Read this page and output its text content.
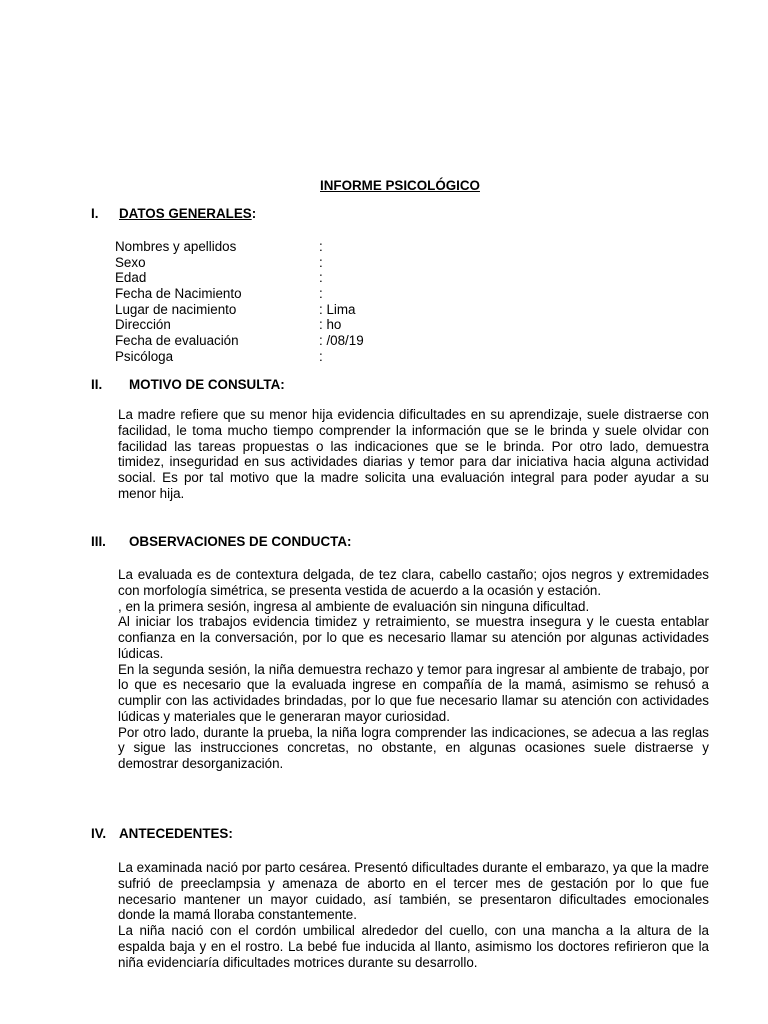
INFORME PSICOLÓGICO
I. DATOS GENERALES:
Nombres y apellidos	:
Sexo	:
Edad	:
Fecha de Nacimiento	:
Lugar de nacimiento	: Lima
Dirección	: ho
Fecha de evaluación	: /08/19
Psicóloga	:
II. MOTIVO DE CONSULTA:

La madre refiere que su menor hija evidencia dificultades en su aprendizaje, suele distraerse con facilidad, le toma mucho tiempo comprender la información que se le brinda y suele olvidar con facilidad las tareas propuestas o las indicaciones que se le brinda. Por otro lado, demuestra timidez, inseguridad en sus actividades diarias y temor para dar iniciativa hacia alguna actividad social. Es por tal motivo que la madre solicita una evaluación integral para poder ayudar a su menor hija.

III. OBSERVACIONES DE CONDUCTA:

La evaluada es de contextura delgada, de tez clara, cabello castaño; ojos negros y extremidades con morfología simétrica, se presenta vestida de acuerdo a la ocasión y estación.

, en la primera sesión, ingresa al ambiente de evaluación sin ninguna dificultad.

Al iniciar los trabajos evidencia timidez y retraimiento, se muestra insegura y le cuesta entablar confianza en la conversación, por lo que es necesario llamar su atención por algunas actividades lúdicas.

En la segunda sesión, la niña demuestra rechazo y temor para ingresar al ambiente de trabajo, por lo que es necesario que la evaluada ingrese en compañía de la mamá, asimismo se rehusó a cumplir con las actividades brindadas, por lo que fue necesario llamar su atención con actividades lúdicas y materiales que le generaran mayor curiosidad.

Por otro lado, durante la prueba, la niña logra comprender las indicaciones, se adecua a las reglas y sigue las instrucciones concretas, no obstante, en algunas ocasiones suele distraerse y demostrar desorganización.

IV. ANTECEDENTES:

La examinada nació por parto cesárea. Presentó dificultades durante el embarazo, ya que la madre sufrió de preeclampsia y amenaza de aborto en el tercer mes de gestación por lo que fue necesario mantener un mayor cuidado, así también, se presentaron dificultades emocionales donde la mamá lloraba constantemente.

La niña nació con el cordón umbilical alrededor del cuello, con una mancha a la altura de la espalda baja y en el rostro. La bebé fue inducida al llanto, asimismo los doctores refirieron que la niña evidenciaría dificultades motrices durante su desarrollo.
